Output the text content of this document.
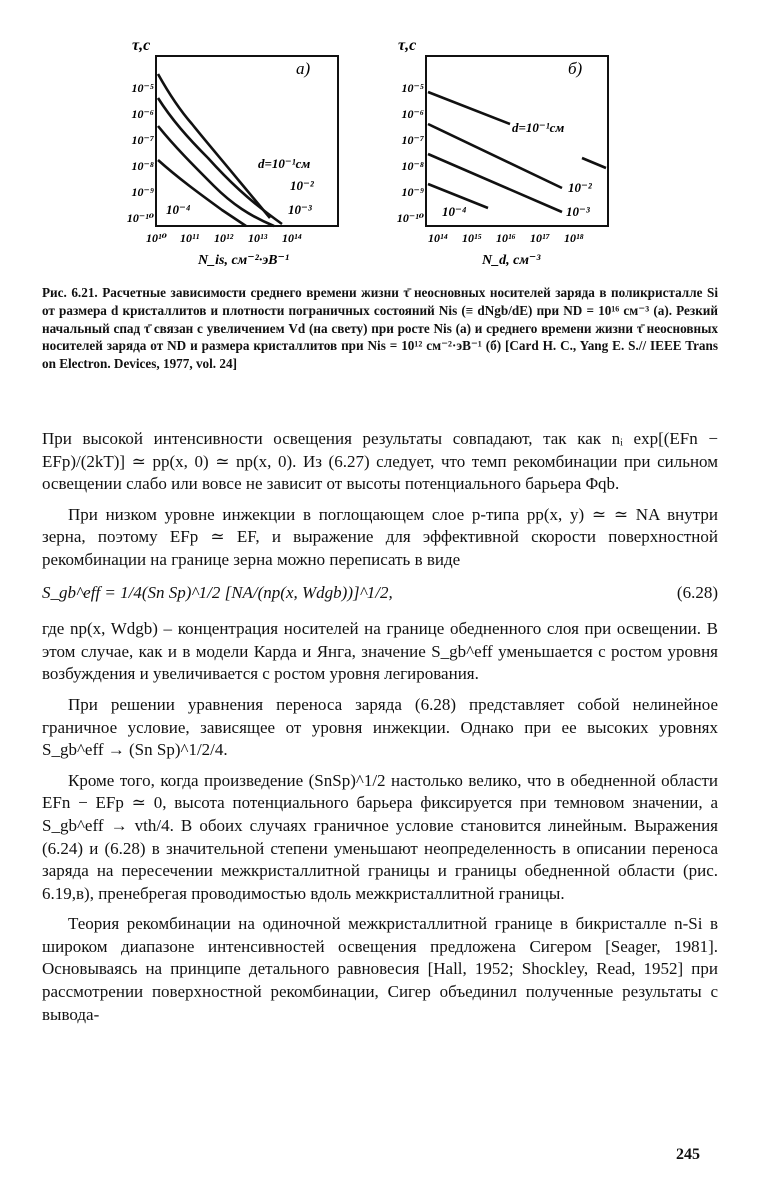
τ,c
а)
10⁻⁵
10⁻⁶
10⁻⁷
10⁻⁸
10⁻⁹
10⁻¹⁰
10¹⁰ 10¹¹ 10¹² 10¹³ 10¹⁴
N_is, см⁻²·эВ⁻¹
d=10⁻¹см
10⁻²
10⁻³
10⁻⁴
τ,c
б)
10⁻⁵
10⁻⁶
10⁻⁷
10⁻⁸
10⁻⁹
10⁻¹⁰
10¹⁴ 10¹⁵ 10¹⁶ 10¹⁷ 10¹⁸
N_d, см⁻³
d=10⁻¹см
10⁻²
10⁻³
10⁻⁴
Рис. 6.21. Расчетные зависимости среднего времени жизни τ̄ неосновных носителей заряда в поликристалле Si от размера d кристаллитов и плотности пограничных состояний Nis (≡ dNgb/dE) при ND = 10¹⁶ см⁻³ (а). Резкий начальный спад τ̄ связан с увеличением Vd (на свету) при росте Nis (а) и среднего времени жизни τ̄ неосновных носителей заряда от ND и размера кристаллитов при Nis = 10¹² см⁻²·эВ⁻¹ (б) [Card H. C., Yang E. S.// IEEE Trans on Electron. Devices, 1977, vol. 24]

При высокой интенсивности освещения результаты совпадают, так как nᵢ exp[(EFn − EFp)/(2kT)] ≃ pp(x, 0) ≃ np(x, 0). Из (6.27) следует, что темп рекомбинации при сильном освещении слабо или вовсе не зависит от высоты потенциального барьера Φqb.

При низком уровне инжекции в поглощающем слое p-типа pp(x, y) ≃ ≃ NA внутри зерна, поэтому EFp ≃ EF, и выражение для эффективной скорости поверхностной рекомбинации на границе зерна можно переписать в виде

S_gb^eff = 1/4(Sn Sp)^1/2 [NA/(np(x, Wdgb))]^1/2,	(6.28)

где np(x, Wdgb) – концентрация носителей на границе обедненного слоя при освещении. В этом случае, как и в модели Карда и Янга, значение S_gb^eff уменьшается с ростом уровня возбуждения и увеличивается с ростом уровня легирования.

При решении уравнения переноса заряда (6.28) представляет собой нелинейное граничное условие, зависящее от уровня инжекции. Однако при ее высоких уровнях S_gb^eff → (Sn Sp)^1/2/4.

Кроме того, когда произведение (SnSp)^1/2 настолько велико, что в обедненной области EFn − EFp ≃ 0, высота потенциального барьера фиксируется при темновом значении, а S_gb^eff → vth/4. В обоих случаях граничное условие становится линейным. Выражения (6.24) и (6.28) в значительной степени уменьшают неопределенность в описании переноса заряда на пересечении межкристаллитной границы и границы обедненной области (рис. 6.19,в), пренебрегая проводимостью вдоль межкристаллитной границы.

Теория рекомбинации на одиночной межкристаллитной границе в бикристалле n-Si в широком диапазоне интенсивностей освещения предложена Сигером [Seager, 1981]. Основываясь на принципе детального равновесия [Hall, 1952; Shockley, Read, 1952] при рассмотрении поверхностной рекомбинации, Сигер объединил полученные результаты с вывода-

245
